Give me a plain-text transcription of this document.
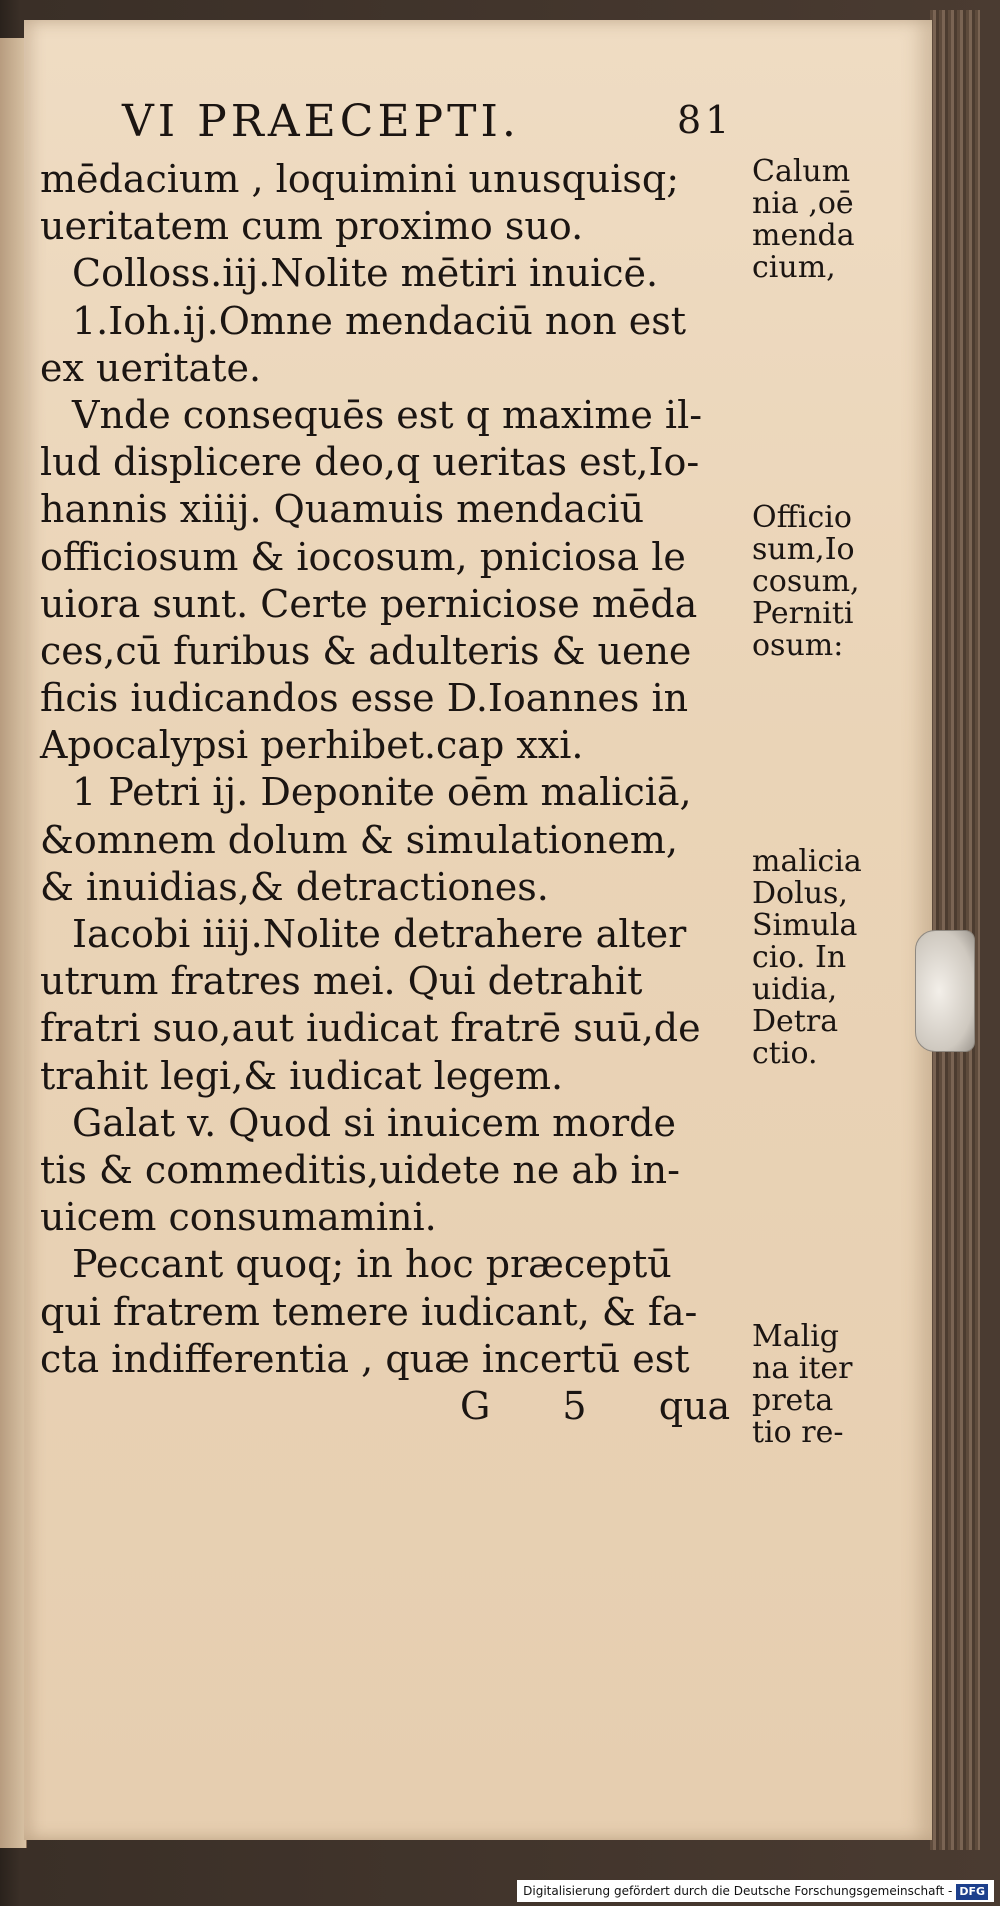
VI PRAECEPTI.	81
mēdacium , loquimini unusquisq;
ueritatem cum proximo suo.
Colloss.iij.Nolite mētiri inuicē.
1.Ioh.ij.Omne mendaciū non est
ex ueritate.
Vnde consequēs est q maxime il-
lud displicere deo,q ueritas est,Io-
hannis xiiij. Quamuis mendaciū
officiosum & iocosum, pniciosa le
uiora sunt. Certe perniciose mēda
ces,cū furibus & adulteris & uene
ficis iudicandos esse D.Ioannes in
Apocalypsi perhibet.cap xxi.
1 Petri ij. Deponite oēm maliciā,
&omnem dolum & simulationem,
& inuidias,& detractiones.
Iacobi iiij.Nolite detrahere alter
utrum fratres mei. Qui detrahit
fratri suo,aut iudicat fratrē suū,de
trahit legi,& iudicat legem.
Galat v. Quod si inuicem morde
tis & commeditis,uidete ne ab in-
uicem consumamini.
Peccant quoq; in hoc præceptū
qui fratrem temere iudicant, & fa-
cta indifferentia , quæ incertū est
G 5 qua
Calum
nia ,oē
menda
cium,
Officio
sum,Io
cosum,
Perniti
osum:
malicia
Dolus,
Simula
cio. In
uidia,
Detra
ctio.
Malig
na iter
preta
tio re-
Digitalisierung gefördert durch die Deutsche Forschungsgemeinschaft - DFG
